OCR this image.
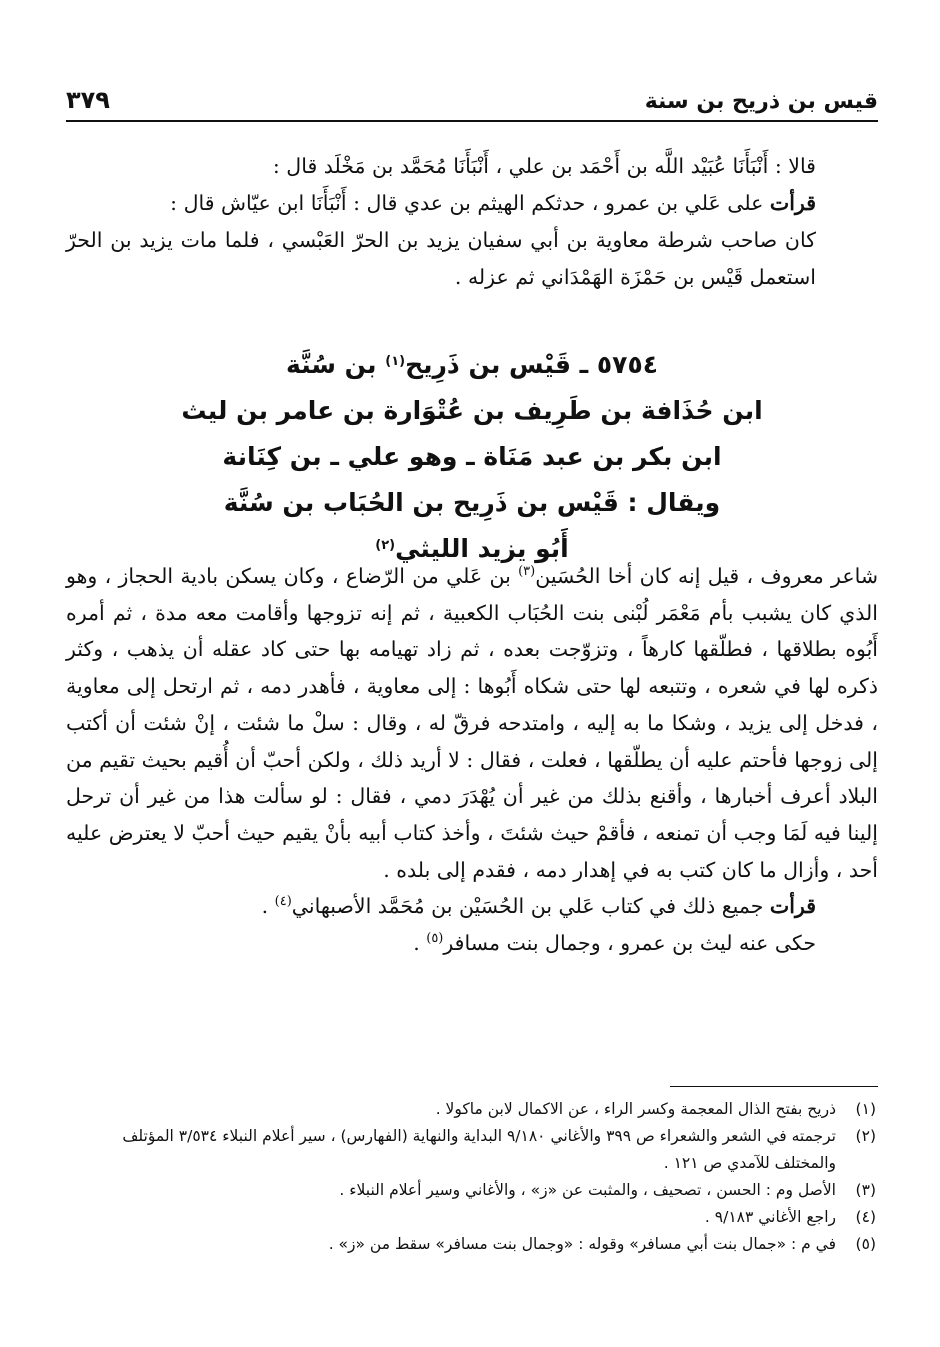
قيس بن ذريح بن سنة
٣٧٩

قالا : أَنْبَأَنَا عُبَيْد اللَّه بن أَحْمَد بن علي ، أَنْبَأَنَا مُحَمَّد بن مَخْلَد قال :

قرأت على عَلي بن عمرو ، حدثكم الهيثم بن عدي قال : أَنْبَأَنَا ابن عيّاش قال :

كان صاحب شرطة معاوية بن أبي سفيان يزيد بن الحرّ العَبْسي ، فلما مات يزيد بن الحرّ استعمل قَيْس بن حَمْزَة الهَمْدَاني ثم عزله .

٥٧٥٤ ـ قَيْس بن ذَرِيح$^{(١)}$ بن سُنَّة
ابن حُذَافة بن طَرِيف بن عُتْوَارة بن عامر بن ليث
ابن بكر بن عبد مَنَاة ـ وهو علي ـ بن كِنَانة
ويقال : قَيْس بن ذَرِيح بن الحُبَاب بن سُنَّة
أَبُو يزيد الليثي$^{(٢)}$

شاعر معروف ، قيل إنه كان أخا الحُسَين$^{(٣)}$ بن عَلي من الرّضاع ، وكان يسكن بادية الحجاز ، وهو الذي كان يشبب بأم مَعْمَر لُبْنى بنت الحُبَاب الكعبية ، ثم إنه تزوجها وأقامت معه مدة ، ثم أمره أَبُوه بطلاقها ، فطلّقها كارهاً ، وتزوّجت بعده ، ثم زاد تهيامه بها حتى كاد عقله أن يذهب ، وكثر ذكره لها في شعره ، وتتبعه لها حتى شكاه أَبُوها : إلى معاوية ، فأهدر دمه ، ثم ارتحل إلى معاوية ، فدخل إلى يزيد ، وشكا ما به إليه ، وامتدحه فرقّ له ، وقال : سلْ ما شئت ، إنْ شئت أن أكتب إلى زوجها فأحتم عليه أن يطلّقها ، فعلت ، فقال : لا أريد ذلك ، ولكن أحبّ أن أُقيم بحيث تقيم من البلاد أعرف أخبارها ، وأقنع بذلك من غير أن يُهْدَرَ دمي ، فقال : لو سألت هذا من غير أن ترحل إلينا فيه لَمَا وجب أن تمنعه ، فأقمْ حيث شئتَ ، وأخذ كتاب أبيه بأنْ يقيم حيث أحبّ لا يعترض عليه أحد ، وأزال ما كان كتب به في إهدار دمه ، فقدم إلى بلده .

قرأت جميع ذلك في كتاب عَلي بن الحُسَيْن بن مُحَمَّد الأصبهاني$^{(٤)}$ .

حكى عنه ليث بن عمرو ، وجمال بنت مسافر$^{(٥)}$ .

(١)
ذريح بفتح الذال المعجمة وكسر الراء ، عن الاكمال لابن ماكولا .
(٢)
ترجمته في الشعر والشعراء ص ٣٩٩ والأغاني ٩/١٨٠ البداية والنهاية (الفهارس) ، سير أعلام النبلاء ٣/٥٣٤ المؤتلف والمختلف للآمدي ص ١٢١ .
(٣)
الأصل وم : الحسن ، تصحيف ، والمثبت عن «ز» ، والأغاني وسير أعلام النبلاء .
(٤)
راجع الأغاني ٩/١٨٣ .
(٥)
في م : «جمال بنت أبي مسافر» وقوله : «وجمال بنت مسافر» سقط من «ز» .
